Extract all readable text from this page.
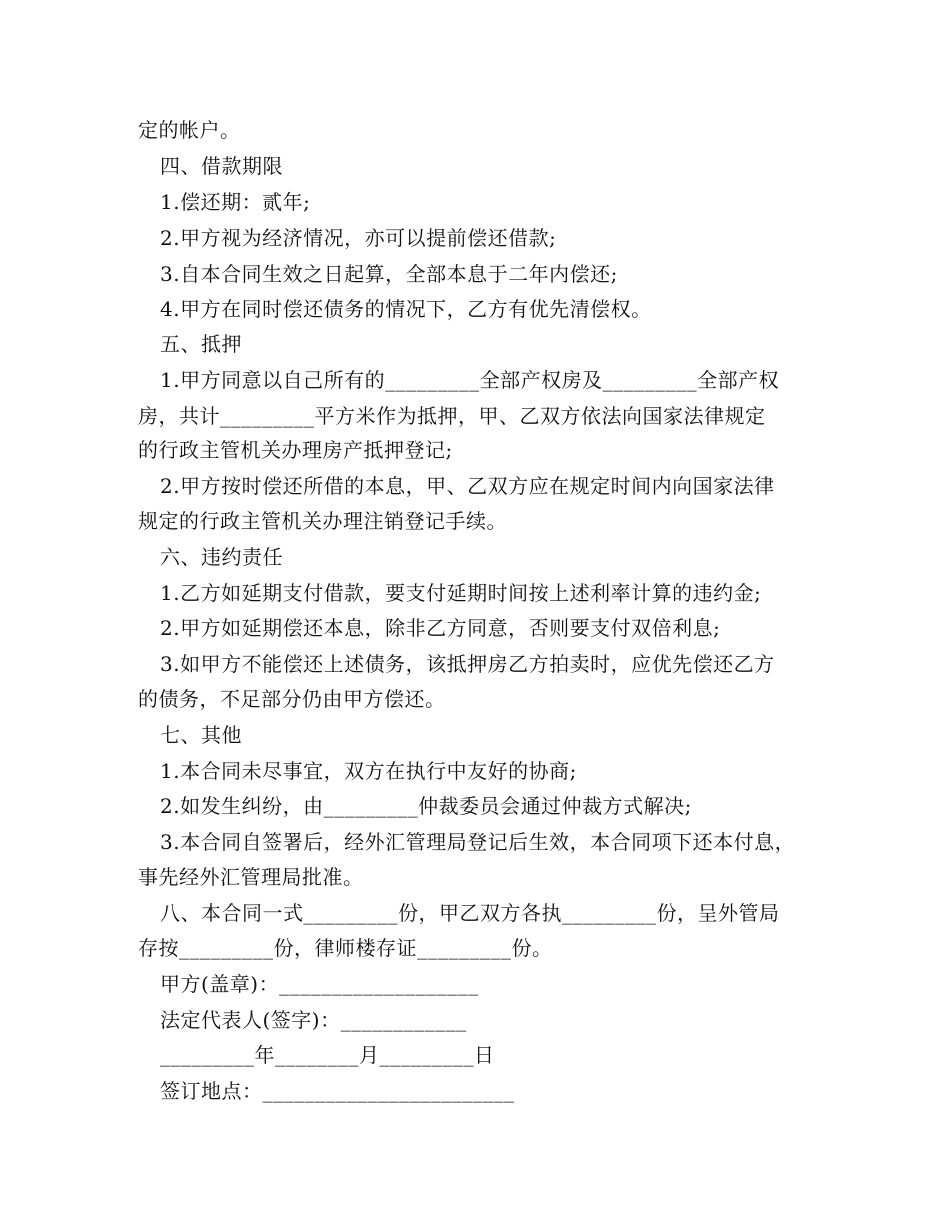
定的帐户。
四、借款期限
1.偿还期：贰年;
2.甲方视为经济情况，亦可以提前偿还借款;
3.自本合同生效之日起算，全部本息于二年内偿还;
4.甲方在同时偿还债务的情况下，乙方有优先清偿权。
五、抵押
1.甲方同意以自己所有的_________全部产权房及_________全部产权
房，共计_________平方米作为抵押，甲、乙双方依法向国家法律规定
的行政主管机关办理房产抵押登记;
2.甲方按时偿还所借的本息，甲、乙双方应在规定时间内向国家法律
规定的行政主管机关办理注销登记手续。
六、违约责任
1.乙方如延期支付借款，要支付延期时间按上述利率计算的违约金;
2.甲方如延期偿还本息，除非乙方同意，否则要支付双倍利息;
3.如甲方不能偿还上述债务，该抵押房乙方拍卖时，应优先偿还乙方
的债务，不足部分仍由甲方偿还。
七、其他
1.本合同未尽事宜，双方在执行中友好的协商;
2.如发生纠纷，由_________仲裁委员会通过仲裁方式解决;
3.本合同自签署后，经外汇管理局登记后生效，本合同项下还本付息，
事先经外汇管理局批准。
八、本合同一式_________份，甲乙双方各执_________份，呈外管局
存按_________份，律师楼存证_________份。
甲方(盖章)：___________________
法定代表人(签字)：____________
_________年________月_________日
签订地点：________________________
